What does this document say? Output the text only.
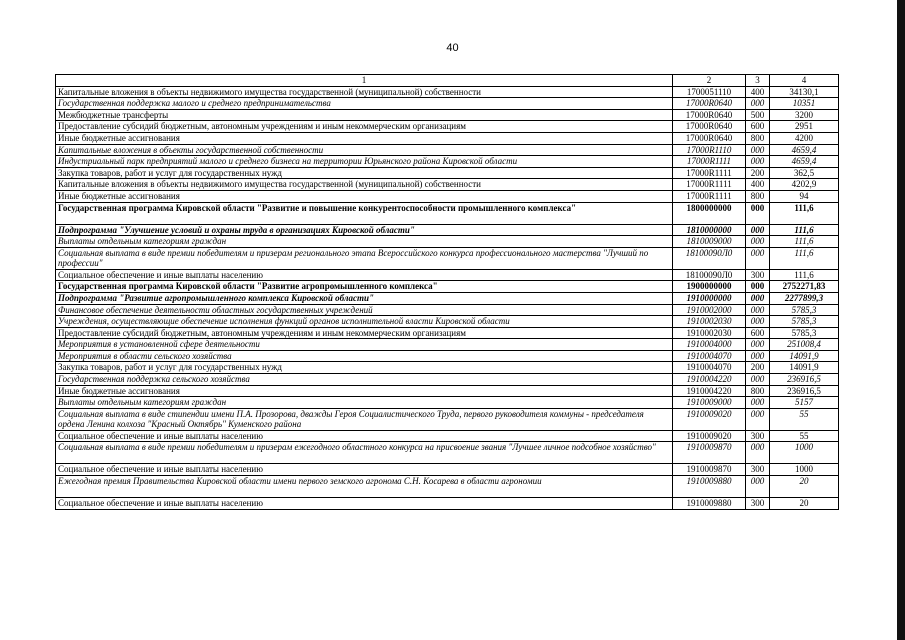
40
1	2	3	4
Капитальные вложения в объекты недвижимого имущества государственной (муниципальной) собственности	1700051110	400	34130,1
Государственная поддержка малого и среднего предпринимательства	17000R0640	000	10351
Межбюджетные трансферты	17000R0640	500	3200
Предоставление субсидий бюджетным, автономным учреждениям и иным некоммерческим организациям	17000R0640	600	2951
Иные бюджетные ассигнования	17000R0640	800	4200
Капитальные вложения в объекты государственной собственности	17000R1110	000	4659,4
Индустриальный парк предприятий малого и среднего бизнеса на территории Юрьянского района Кировской области	17000R1111	000	4659,4
Закупка товаров, работ и услуг для государственных нужд	17000R1111	200	362,5
Капитальные вложения в объекты недвижимого имущества государственной (муниципальной) собственности	17000R1111	400	4202,9
Иные бюджетные ассигнования	17000R1111	800	94
Государственная программа Кировской области "Развитие и повышение конкурентоспособности промышленного комплекса"	1800000000	000	111,6
Подпрограмма "Улучшение условий и охраны труда в организациях Кировской области"	1810000000	000	111,6
Выплаты отдельным категориям граждан	1810009000	000	111,6
Социальная выплата в виде премии победителям и призерам регионального этапа Всероссийского конкурса профессионального мастерства "Лучший по профессии"	18100090Л0	000	111,6
Социальное обеспечение и иные выплаты населению	18100090Л0	300	111,6
Государственная программа Кировской области "Развитие агропромышленного комплекса"	1900000000	000	2752271,83
Подпрограмма "Развитие агропромышленного комплекса Кировской области"	1910000000	000	2277899,3
Финансовое обеспечение деятельности областных государственных учреждений	1910002000	000	5785,3
Учреждения, осуществляющие обеспечение исполнения функций органов исполнительной власти Кировской области	1910002030	000	5785,3
Предоставление субсидий бюджетным, автономным учреждениям и иным некоммерческим организациям	1910002030	600	5785,3
Мероприятия в установленной сфере деятельности	1910004000	000	251008,4
Мероприятия в области сельского хозяйства	1910004070	000	14091,9
Закупка товаров, работ и услуг для государственных нужд	1910004070	200	14091,9
Государственная поддержка сельского хозяйства	1910004220	000	236916,5
Иные бюджетные ассигнования	1910004220	800	236916,5
Выплаты отдельным категориям граждан	1910009000	000	5157
Социальная выплата в виде стипендии имени П.А. Прозорова, дважды Героя Социалистического Труда, первого руководителя коммуны - председателя ордена Ленина колхоза "Красный Октябрь" Куменского района	1910009020	000	55
Социальное обеспечение и иные выплаты населению	1910009020	300	55
Социальная выплата в виде премии победителям и призерам ежегодного областного конкурса на присвоение звания "Лучшее личное подсобное хозяйство"	1910009870	000	1000
Социальное обеспечение и иные выплаты населению	1910009870	300	1000
Ежегодная премия Правительства Кировской области имени первого земского агронома С.Н. Косарева в области агрономии	1910009880	000	20
Социальное обеспечение и иные выплаты населению	1910009880	300	20
